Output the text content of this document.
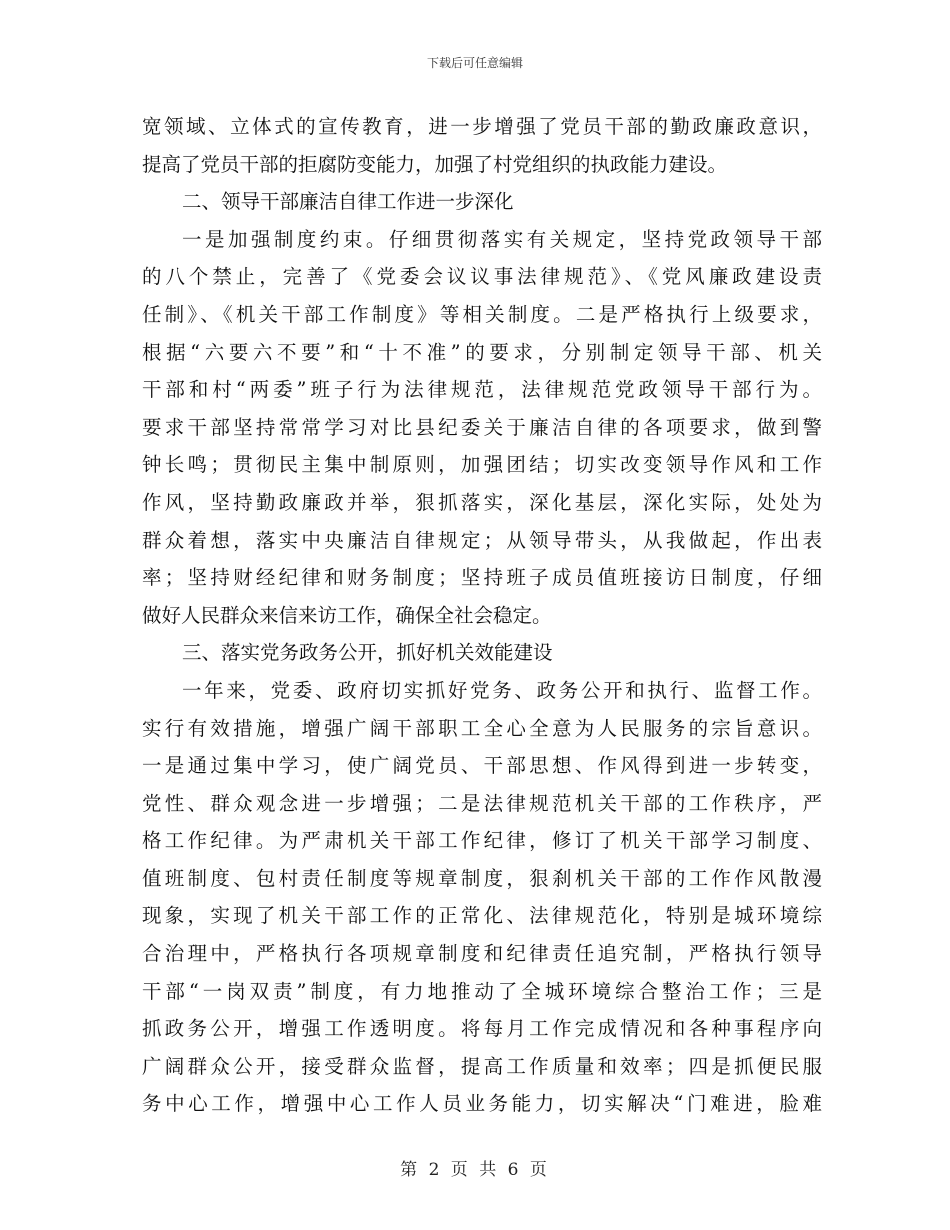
下载后可任意编辑
宽领域、立体式的宣传教育，进一步增强了党员干部的勤政廉政意识，
提高了党员干部的拒腐防变能力，加强了村党组织的执政能力建设。
二、领导干部廉洁自律工作进一步深化
一是加强制度约束。仔细贯彻落实有关规定，坚持党政领导干部
的八个禁止，完善了《党委会议议事法律规范》、《党风廉政建设责
任制》、《机关干部工作制度》等相关制度。二是严格执行上级要求，
根据“六要六不要”和“十不准”的要求，分别制定领导干部、机关
干部和村“两委”班子行为法律规范，法律规范党政领导干部行为。
要求干部坚持常常学习对比县纪委关于廉洁自律的各项要求，做到警
钟长鸣；贯彻民主集中制原则，加强团结；切实改变领导作风和工作
作风，坚持勤政廉政并举，狠抓落实，深化基层，深化实际，处处为
群众着想，落实中央廉洁自律规定；从领导带头，从我做起，作出表
率；坚持财经纪律和财务制度；坚持班子成员值班接访日制度，仔细
做好人民群众来信来访工作，确保全社会稳定。
三、落实党务政务公开，抓好机关效能建设
一年来，党委、政府切实抓好党务、政务公开和执行、监督工作。
实行有效措施，增强广阔干部职工全心全意为人民服务的宗旨意识。
一是通过集中学习，使广阔党员、干部思想、作风得到进一步转变，
党性、群众观念进一步增强；二是法律规范机关干部的工作秩序，严
格工作纪律。为严肃机关干部工作纪律，修订了机关干部学习制度、
值班制度、包村责任制度等规章制度，狠刹机关干部的工作作风散漫
现象，实现了机关干部工作的正常化、法律规范化，特别是城环境综
合治理中，严格执行各项规章制度和纪律责任追究制，严格执行领导
干部“一岗双责”制度，有力地推动了全城环境综合整治工作；三是
抓政务公开，增强工作透明度。将每月工作完成情况和各种事程序向
广阔群众公开，接受群众监督，提高工作质量和效率；四是抓便民服
务中心工作，增强中心工作人员业务能力，切实解决“门难进，脸难
第 2 页 共 6 页
